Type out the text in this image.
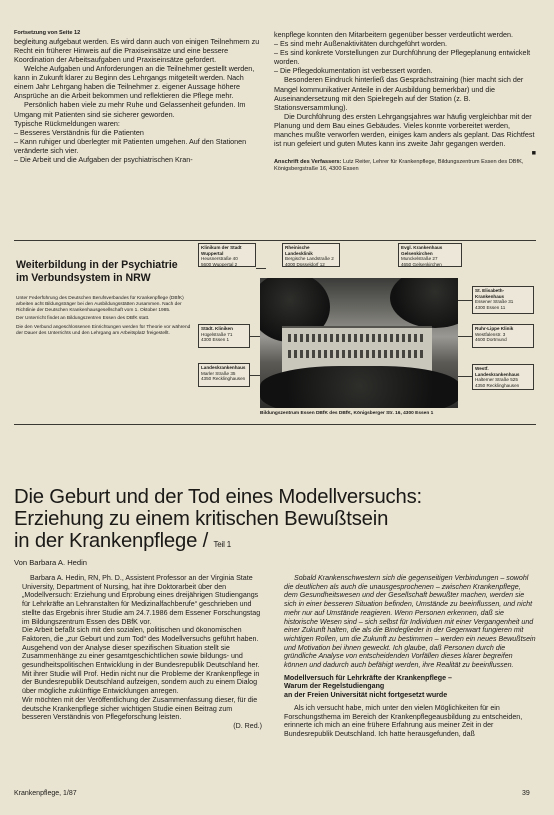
Fortsetzung von Seite 12

begleitung aufgebaut werden. Es wird dann auch von einigen Teilnehmern zu Recht ein früherer Hinweis auf die Praxiseinsätze und eine bessere Koordination der Arbeitsaufgaben und Praxiseinsätze gefordert.

Welche Aufgaben und Anforderungen an die Teilnehmer gestellt werden, kann in Zukunft klarer zu Beginn des Lehrgangs mitgeteilt werden. Nach einem Jahr Lehrgang haben die Teilnehmer z. eigener Aussage höhere Ansprüche an die Arbeit bekommen und reflektieren die Pflege mehr.

Persönlich haben viele zu mehr Ruhe und Gelassenheit gefunden. Im Umgang mit Patienten sind sie sicherer geworden.

Typische Rückmeldungen waren:

– Besseres Verständnis für die Patienten

– Kann ruhiger und überlegter mit Patienten umgehen. Auf den Stationen veränderte sich vier.

– Die Arbeit und die Aufgaben der psychiatrischen Kran-

kenpflege konnten den Mitarbeitern gegenüber besser verdeutlicht werden.

– Es sind mehr Außenaktivitäten durchgeführt worden.

– Es sind konkrete Vorstellungen zur Durchführung der Pflegeplanung entwickelt worden.

– Die Pflegedokumentation ist verbessert worden.

Besonderen Eindruck hinterließ das Gesprächstraining (hier macht sich der Mangel kommunikativer Anteile in der Ausbildung bemerkbar) und die Auseinandersetzung mit den Spielregeln auf der Station (z. B. Stationsversammlung).

Die Durchführung des ersten Lehrgangsjahres war häufig vergleichbar mit der Planung und dem Bau eines Gebäudes. Vieles konnte vorbereitet werden, manches mußte verworfen werden, einiges kam anders als geplant. Das Richtfest ist nun gefeiert und guten Mutes kann ins zweite Jahr gegangen werden.

■

Anschrift des Verfassers: Lutz Reiter, Lehrer für Krankenpflege, Bildungszentrum Essen des DBfK, Königsbergstraße 16, 4300 Essen

Weiterbildung in der Psychiatrie
im Verbundsystem in NRW

Unter Federführung des Deutschen Berufsverbandes für Krankenpflege (DBfK) arbeiten acht Bildungsträger bei den Ausbildungsstätten zusammen. Nach der Richtlinie der Deutschen Krankenhausgesellschaft vom 1. Oktober 1985.

Der Unterricht findet an Bildungszentren Essen des DBfK statt.

Die den Verbund angeschlossenen Einrichtungen werden für Theorie vor während der Dauer des Unterrichts und den Lehrgang am Arbeitsplatz freigestellt.

Klinikum der Stadt Wuppertal
Heusnerstraße 40
5600 Wuppertal 2
Rheinische Landesklinik
Bergische Landstraße 2
4000 Düsseldorf 12
Evgl. Krankenhaus Gelsenkirchen
Munckelstraße 27
4650 Gelsenkirchen
St. Elisabeth-Krankenhaus
Essener Straße 31
4300 Essen 11
Städt. Kliniken
Hügelstraße 71
4300 Essen 1
Ruhr-Lippe Klinik
Westfalenstr. 3
4600 Dortmund
Landeskrankenhaus
Marler Straße 35
4350 Recklinghausen
Westf. Landeskrankenhaus
Halterner Straße 525
4350 Recklinghausen
Bildungszentrum Essen DBfK des DBfK, Königsberger Str. 16, 4300 Essen 1
Die Geburt und der Tod eines Modellversuchs:
Erziehung zu einem kritischen Bewußtsein
in der Krankenpflege / Teil 1
Von Barbara A. Hedin

Barbara A. Hedin, RN, Ph. D., Assistent Professor an der Virginia State University, Department of Nursing, hat ihre Doktorarbeit über den „Modellversuch: Erziehung und Erprobung eines dreijährigen Studiengangs für Lehrkräfte an Lehranstalten für Medizinalfachberufe“ geschrieben und stellte das Ergebnis ihrer Studie am 24.7.1986 dem Essener Forschungstag im Bildungszentrum Essen des DBfK vor.

Die Arbeit befaßt sich mit den sozialen, politischen und ökonomischen Faktoren, die „zur Geburt und zum Tod“ des Modellversuchs geführt haben.

Ausgehend von der Analyse dieser spezifischen Situation stellt sie Zusammenhänge zu einer gesamtgeschichtlichen sowie bildungs- und gesundheitspolitischen Entwicklung in der Bundesrepublik Deutschland her.

Mit ihrer Studie will Prof. Hedin nicht nur die Probleme der Krankenpflege in der Bundesrepublik Deutschland aufzeigen, sondern auch zu einem Dialog über mögliche zukünftige Entwicklungen anregen.

Wir möchten mit der Veröffentlichung der Zusammenfassung dieser, für die deutsche Krankenpflege sicher wichtigen Studie einen Beitrag zum besseren Verständnis von Pflegeforschung leisten.

(D. Red.)

Sobald Krankenschwestern sich die gegenseitigen Verbindungen – sowohl die deutlichen als auch die unausgesprochenen – zwischen Krankenpflege, dem Gesundheitswesen und der Gesellschaft bewußter machen, werden sie sich in einer besseren Situation befinden, Umstände zu beeinflussen, und nicht mehr nur auf Umstände reagieren. Wenn Personen erkennen, daß sie historische Wesen sind – sich selbst für Individuen mit einer Vergangenheit und einer Zukunft halten, die als die Bindeglieder in der Gegenwart fungieren mit wichtigen Rollen, um die Zukunft zu bestimmen – werden ein neues Bewußtsein und Motivation bei ihnen geweckt. Ich glaube, daß Personen durch die gründliche Analyse von entscheidenden Vorfällen dieses klarer begreifen können und dadurch auch befähigt werden, ihre Realität zu beeinflussen.

Modellversuch für Lehrkräfte der Krankenpflege –

Warum der Regelstudiengang

an der Freien Universität nicht fortgesetzt wurde

Als ich versucht habe, mich unter den vielen Möglichkeiten für ein Forschungsthema im Bereich der Krankenpflegeausbildung zu entscheiden, erinnerte ich mich an eine frühere Erfahrung aus meiner Zeit in der Bundesrepublik Deutschland. Ich hatte herausgefunden, daß

Krankenpflege, 1/87	39
